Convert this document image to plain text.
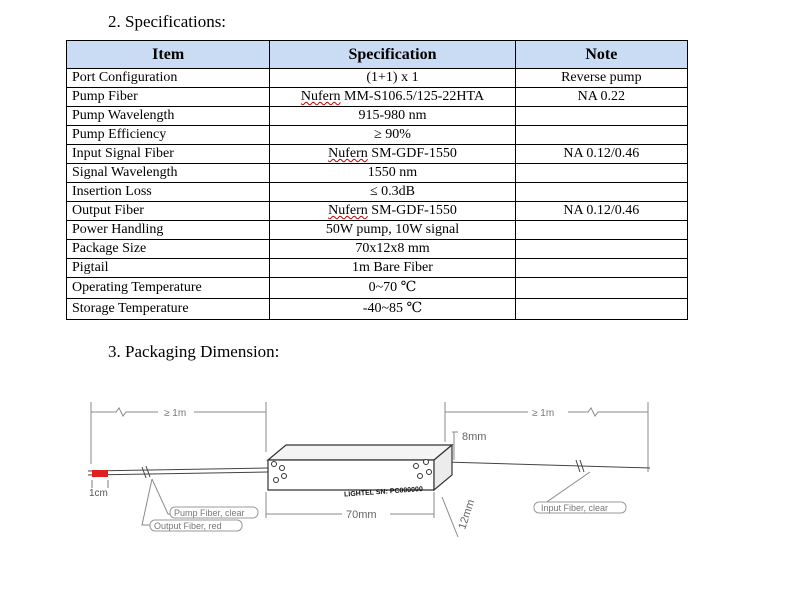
2. Specifications:
Item	Specification	Note
Port Configuration	(1+1) x 1	Reverse pump
Pump Fiber	Nufern MM-S106.5/125-22HTA	NA 0.22
Pump Wavelength	915-980 nm	
Pump Efficiency	≥ 90%	
Input Signal Fiber	Nufern SM-GDF-1550	NA 0.12/0.46
Signal Wavelength	1550 nm	
Insertion Loss	≤ 0.3dB	
Output Fiber	Nufern SM-GDF-1550	NA 0.12/0.46
Power Handling	50W pump, 10W signal	
Package Size	70x12x8 mm	
Pigtail	1m Bare Fiber	
Operating Temperature	0~70 ℃	
Storage Temperature	-40~85 ℃	
3. Packaging Dimension:
≥ 1m	≥ 1m
1cm	LIGHTEL SN: PC000000
8mm
12mm
70mm
Pump Fiber, clear
Output Fiber, red
Input Fiber, clear
